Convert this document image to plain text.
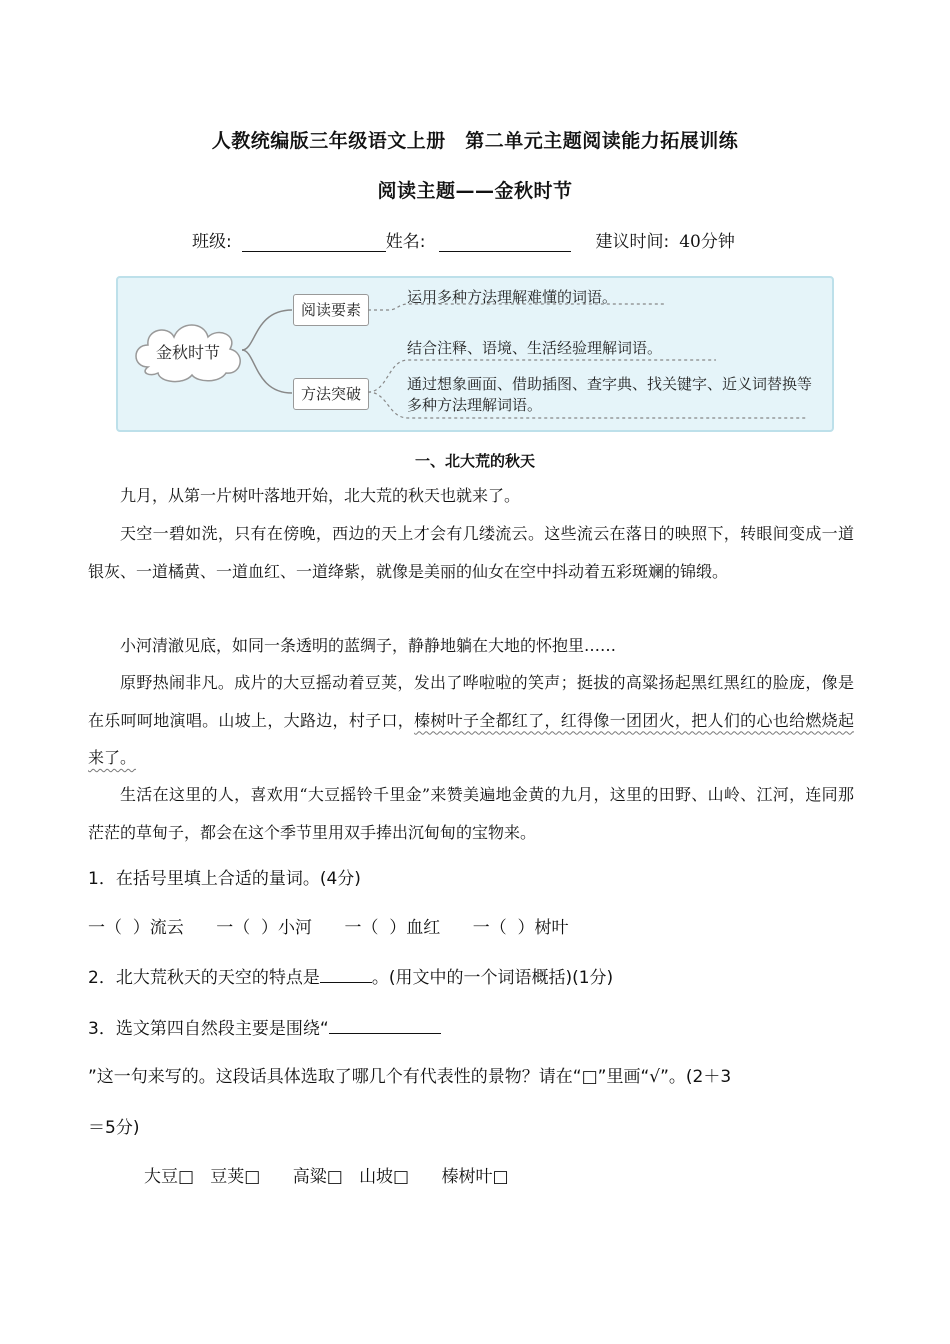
人教统编版三年级语文上册　第二单元主题阅读能力拓展训练
阅读主题——金秋时节
班级:	姓名:	建议时间: 40分钟
金秋时节
阅读要素
方法突破
运用多种方法理解难懂的词语。
结合注释、语境、生活经验理解词语。
通过想象画面、借助插图、查字典、找关键字、近义词替换等多种方法理解词语。
一、北大荒的秋天

九月，从第一片树叶落地开始，北大荒的秋天也就来了。

天空一碧如洗，只有在傍晚，西边的天上才会有几缕流云。这些流云在落日的映照下，转眼间变成一道银灰、一道橘黄、一道血红、一道绛紫，就像是美丽的仙女在空中抖动着五彩斑斓的锦缎。

小河清澈见底，如同一条透明的蓝绸子，静静地躺在大地的怀抱里……

原野热闹非凡。成片的大豆摇动着豆荚，发出了哗啦啦的笑声；挺拔的高粱扬起黑红黑红的脸庞，像是在乐呵呵地演唱。山坡上，大路边，村子口，榛树叶子全都红了，红得像一团团火，把人们的心也给燃烧起来了。

生活在这里的人，喜欢用“大豆摇铃千里金”来赞美遍地金黄的九月，这里的田野、山岭、江河，连同那茫茫的草甸子，都会在这个季节里用双手捧出沉甸甸的宝物来。

1．在括号里填上合适的量词。(4分)
一（  ）流云 一（  ）小河 一（  ）血红 一（  ）树叶
2．北大荒秋天的天空的特点是	。(用文中的一个词语概括)(1分)
3．选文第四自然段主要是围绕“
”这一句来写的。这段话具体选取了哪几个有代表性的景物？请在“□”里画“√”。(2＋3
＝5分)
大豆□ 豆荚□ 高粱□ 山坡□ 榛树叶□
